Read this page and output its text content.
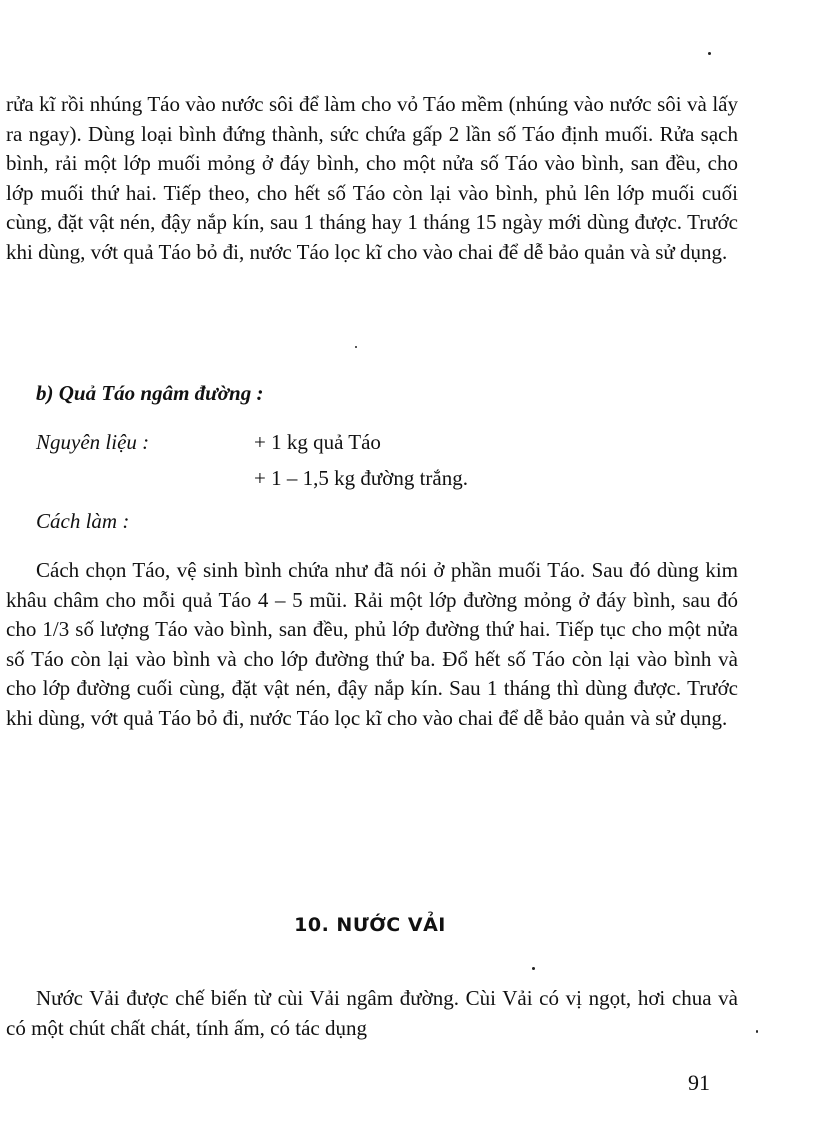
rửa kĩ rồi nhúng Táo vào nước sôi để làm cho vỏ Táo mềm (nhúng vào nước sôi và lấy ra ngay). Dùng loại bình đứng thành, sức chứa gấp 2 lần số Táo định muối. Rửa sạch bình, rải một lớp muối mỏng ở đáy bình, cho một nửa số Táo vào bình, san đều, cho lớp muối thứ hai. Tiếp theo, cho hết số Táo còn lại vào bình, phủ lên lớp muối cuối cùng, đặt vật nén, đậy nắp kín, sau 1 tháng hay 1 tháng 15 ngày mới dùng được. Trước khi dùng, vớt quả Táo bỏ đi, nước Táo lọc kĩ cho vào chai để dễ bảo quản và sử dụng.

b) Quả Táo ngâm đường :

Nguyên liệu :	+ 1 kg quả Táo

+ 1 – 1,5 kg đường trắng.

Cách làm :

Cách chọn Táo, vệ sinh bình chứa như đã nói ở phần muối Táo. Sau đó dùng kim khâu châm cho mỗi quả Táo 4 – 5 mũi. Rải một lớp đường mỏng ở đáy bình, sau đó cho 1/3 số lượng Táo vào bình, san đều, phủ lớp đường thứ hai. Tiếp tục cho một nửa số Táo còn lại vào bình và cho lớp đường thứ ba. Đổ hết số Táo còn lại vào bình và cho lớp đường cuối cùng, đặt vật nén, đậy nắp kín. Sau 1 tháng thì dùng được. Trước khi dùng, vớt quả Táo bỏ đi, nước Táo lọc kĩ cho vào chai để dễ bảo quản và sử dụng.

10. NƯỚC VẢI

Nước Vải được chế biến từ cùi Vải ngâm đường. Cùi Vải có vị ngọt, hơi chua và có một chút chất chát, tính ấm, có tác dụng

91
